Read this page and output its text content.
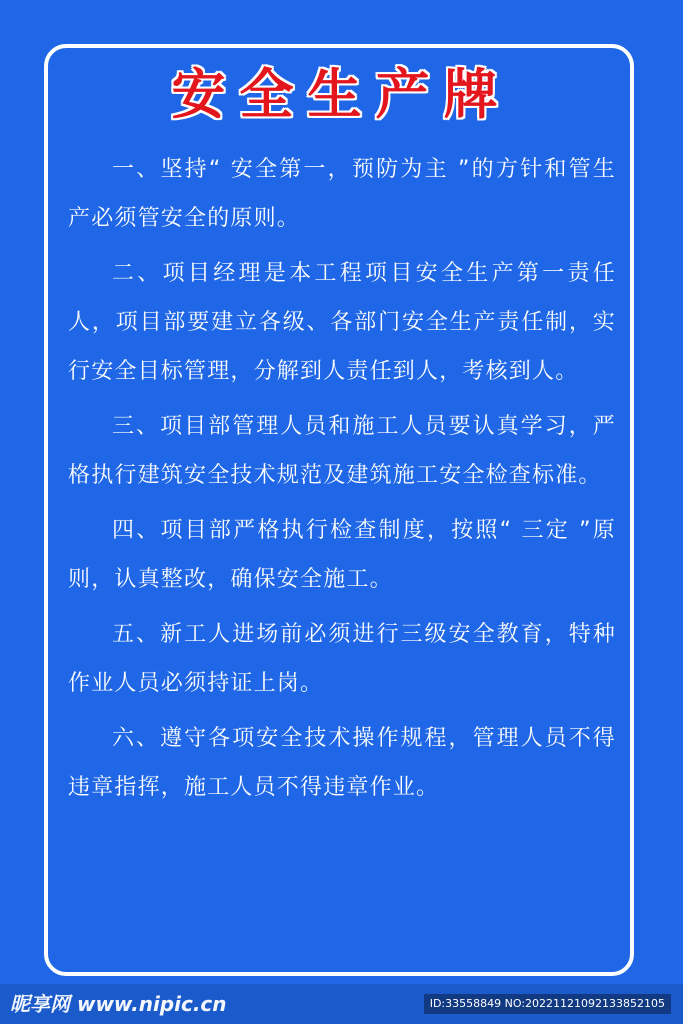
安全生产牌

一、坚持“ 安全第一，预防为主 ”的方针和管生产必须管安全的原则。

二、项目经理是本工程项目安全生产第一责任人，项目部要建立各级、各部门安全生产责任制，实行安全目标管理，分解到人责任到人，考核到人。

三、项目部管理人员和施工人员要认真学习，严格执行建筑安全技术规范及建筑施工安全检查标准。

四、项目部严格执行检查制度，按照“ 三定 ”原则，认真整改，确保安全施工。

五、新工人进场前必须进行三级安全教育，特种作业人员必须持证上岗。

六、遵守各项安全技术操作规程，管理人员不得违章指挥，施工人员不得违章作业。

昵享网 www.nipic.cn	ID:33558849 NO:20221121092133852105
